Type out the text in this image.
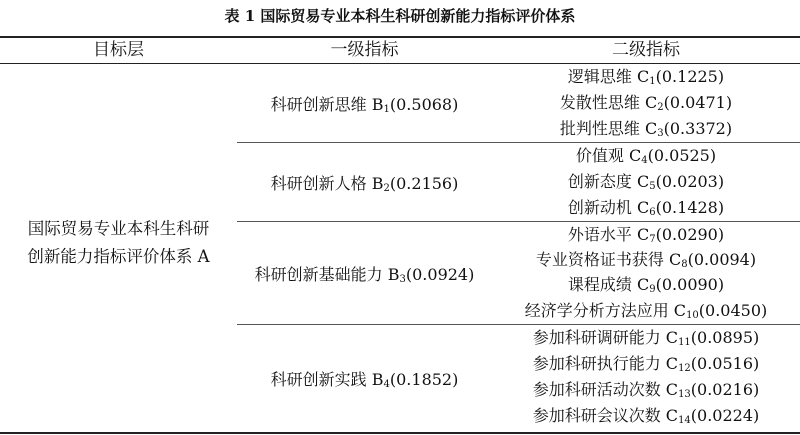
表 1 国际贸易专业本科生科研创新能力指标评价体系
目标层	一级指标	二级指标
国际贸易专业本科生科研
创新能力指标评价体系 A
科研创新思维 $B_1(0.5068)$
科研创新人格 $B_2(0.2156)$
科研创新基础能力 $B_3(0.0924)$
科研创新实践 $B_4(0.1852)$
逻辑思维 $C_1(0.1225)$
发散性思维 $C_2(0.0471)$
批判性思维 $C_3(0.3372)$
价值观 $C_4(0.0525)$
创新态度 $C_5(0.0203)$
创新动机 $C_6(0.1428)$
外语水平 $C_7(0.0290)$
专业资格证书获得 $C_8(0.0094)$
课程成绩 $C_9(0.0090)$
经济学分析方法应用 $C_{10}(0.0450)$
参加科研调研能力 $C_{11}(0.0895)$
参加科研执行能力 $C_{12}(0.0516)$
参加科研活动次数 $C_{13}(0.0216)$
参加科研会议次数 $C_{14}(0.0224)$
